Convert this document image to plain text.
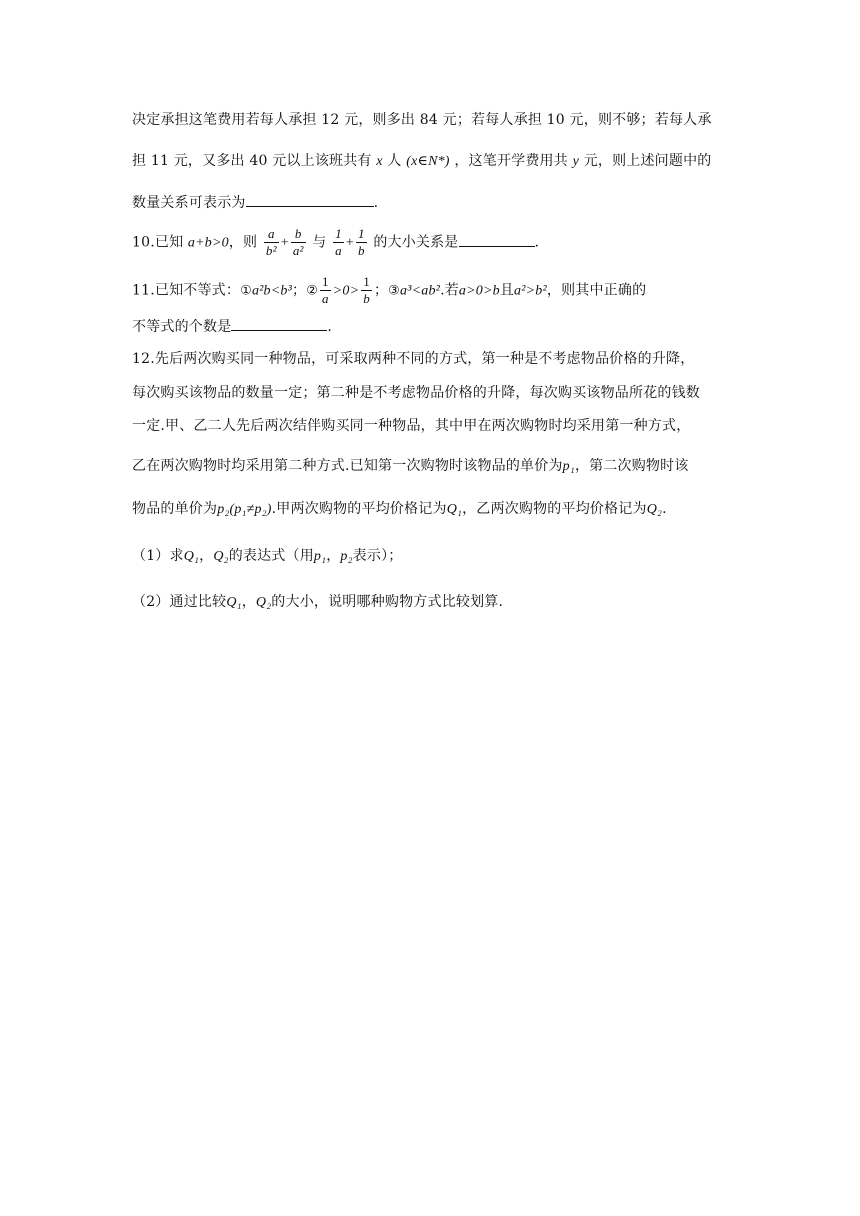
决定承担这笔费用若每人承担 12 元，则多出 84 元；若每人承担 10 元，则不够；若每人承
担 11 元，又多出 40 元以上该班共有 x 人 (x∈N*) ，这笔开学费用共 y 元，则上述问题中的
数量关系可表示为	.
10.已知 a+b>0，则 $\frac{a}{\text{b²}} + \frac{b}{\text{a²}}$ 与 $\frac{1}{a} + \frac{1}{b}$ 的大小关系是	.
11.已知不等式：①a²b<b³；② $\frac{1}{a} >0> \frac{1}{b}$ ；③a³<ab².若a>0>b且a²>b²，则其中正确的
不等式的个数是	.
12.先后两次购买同一种物品，可采取两种不同的方式，第一种是不考虑物品价格的升降，
每次购买该物品的数量一定；第二种是不考虑物品价格的升降，每次购买该物品所花的钱数
一定.甲、乙二人先后两次结伴购买同一种物品，其中甲在两次购物时均采用第一种方式，
乙在两次购物时均采用第二种方式.已知第一次购物时该物品的单价为p₁，第二次购物时该
物品的单价为p₂(p₁≠p₂).甲两次购物的平均价格记为Q₁，乙两次购物的平均价格记为Q₂.
（1）求Q₁，Q₂的表达式（用p₁，p₂表示）；
（2）通过比较Q₁，Q₂的大小，说明哪种购物方式比较划算.
